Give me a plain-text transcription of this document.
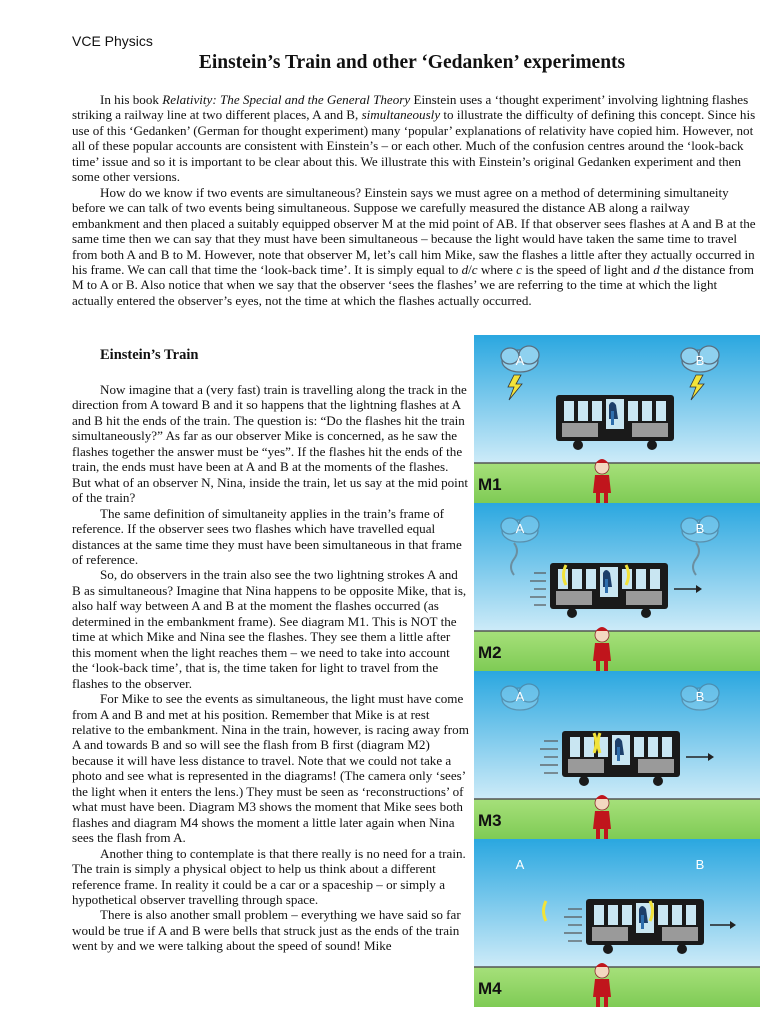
VCE Physics
Einstein’s Train and other ‘Gedanken’ experiments

In his book Relativity: The Special and the General Theory Einstein uses a ‘thought experiment’ involving lightning flashes striking a railway line at two different places, A and B, simultaneously to illustrate the difficulty of defining this concept. Since his use of this ‘Gedanken’ (German for thought experiment) many ‘popular’ explanations of relativity have copied him. However, not all of these popular accounts are consistent with Einstein’s – or each other. Much of the confusion centres around the ‘look-back time’ issue and so it is important to be clear about this. We illustrate this with Einstein’s original Gedanken experiment and then some other versions.

How do we know if two events are simultaneous? Einstein says we must agree on a method of determining simultaneity before we can talk of two events being simultaneous. Suppose we carefully measured the distance AB along a railway embankment and then placed a suitably equipped observer M at the mid point of AB. If that observer sees flashes at A and B at the same time then we can say that they must have been simultaneous – because the light would have taken the same time to travel from both A and B to M. However, note that observer M, let’s call him Mike, saw the flashes a little after they actually occurred in his frame. We can call that time the ‘look-back time’. It is simply equal to d/c where c is the speed of light and d the distance from M to A or B. Also notice that when we say that the observer ‘sees the flashes’ we are referring to the time at which the light actually entered the observer’s eyes, not the time at which the flashes actually occurred.

Einstein’s Train

Now imagine that a (very fast) train is travelling along the track in the direction from A toward B and it so happens that the lightning flashes at A and B hit the ends of the train. The question is: “Do the flashes hit the train simultaneously?” As far as our observer Mike is concerned, as he saw the flashes together the answer must be “yes”. If the flashes hit the ends of the train, the ends must have been at A and B at the moments of the flashes. But what of an observer N, Nina, inside the train, let us say at the mid point of the train?

The same definition of simultaneity applies in the train’s frame of reference. If the observer sees two flashes which have travelled equal distances at the same time they must have been simultaneous in that frame of reference.

So, do observers in the train also see the two lightning strokes A and B as simultaneous? Imagine that Nina happens to be opposite Mike, that is, also half way between A and B at the moment the flashes occurred (as determined in the embankment frame). See diagram M1. This is NOT the time at which Mike and Nina see the flashes. They see them a little after this moment when the light reaches them – we need to take into account the ‘look-back time’, that is, the time taken for light to travel from the flashes to the observer.

For Mike to see the events as simultaneous, the light must have come from A and B and met at his position. Remember that Mike is at rest relative to the embankment. Nina in the train, however, is racing away from A and towards B and so will see the flash from B first (diagram M2) because it will have less distance to travel. Note that we could not take a photo and see what is represented in the diagrams! (The camera only ‘sees’ the light when it enters the lens.) They must be seen as ‘reconstructions’ of what must have been. Diagram M3 shows the moment that Mike sees both flashes and diagram M4 shows the moment a little later again when Nina sees the flash from A.

Another thing to contemplate is that there really is no need for a train. The train is simply a physical object to help us think about a different reference frame. In reality it could be a car or a spaceship – or simply a hypothetical observer travelling through space.

There is also another small problem – everything we have said so far would be true if A and B were bells that struck just as the ends of the train went by and we were talking about the speed of sound! Mike

A	B
M1
A	B
M2
A	B
M3
A	B
M4
